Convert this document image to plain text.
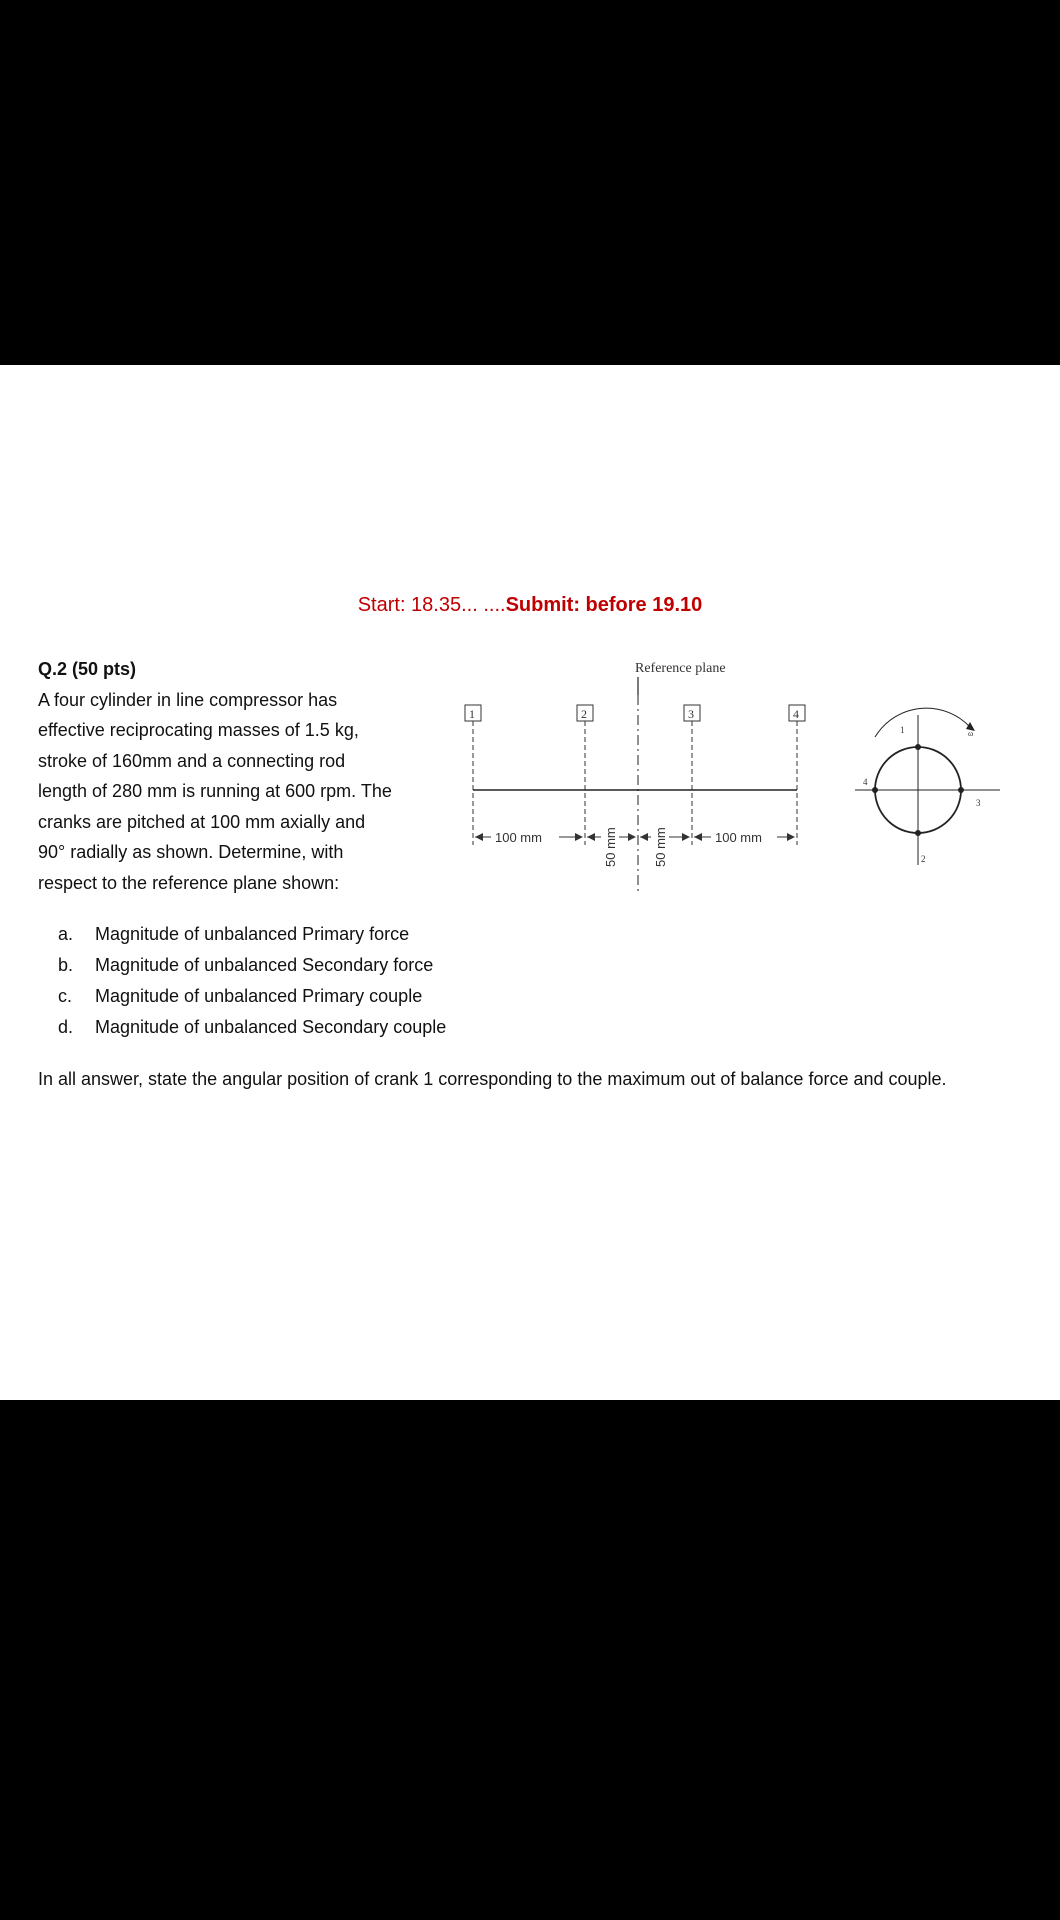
Start: 18.35... ....Submit: before 19.10
Q.2 (50 pts)
A four cylinder in line compressor has
effective reciprocating masses of 1.5 kg,
stroke of 160mm and a connecting rod
length of 280 mm is running at 600 rpm. The
cranks are pitched at 100 mm axially and
90° radially as shown. Determine, with
respect to the reference plane shown:
Reference plane
1	2	3	4
100 mm	100 mm
50 mm	50 mm
1
2
3
4
ω
a. Magnitude of unbalanced Primary force
b. Magnitude of unbalanced Secondary force
c. Magnitude of unbalanced Primary couple
d. Magnitude of unbalanced Secondary couple
In all answer, state the angular position of crank 1 corresponding to the maximum out of balance force and couple.
